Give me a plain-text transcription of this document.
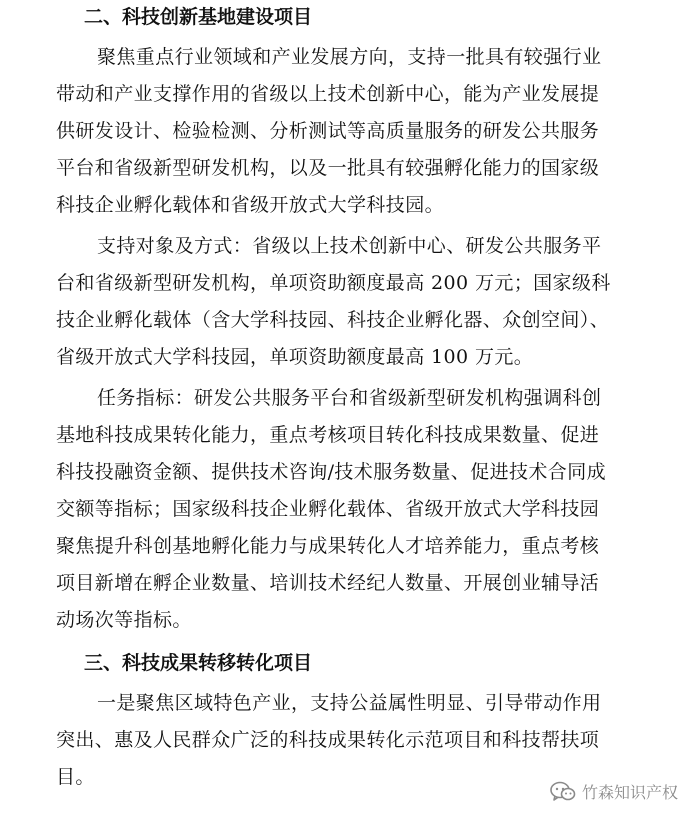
二、科技创新基地建设项目
聚焦重点行业领域和产业发展方向，支持一批具有较强行业
带动和产业支撑作用的省级以上技术创新中心，能为产业发展提
供研发设计、检验检测、分析测试等高质量服务的研发公共服务
平台和省级新型研发机构，以及一批具有较强孵化能力的国家级
科技企业孵化载体和省级开放式大学科技园。
支持对象及方式：省级以上技术创新中心、研发公共服务平
台和省级新型研发机构，单项资助额度最高 200 万元；国家级科
技企业孵化载体（含大学科技园、科技企业孵化器、众创空间）、
省级开放式大学科技园，单项资助额度最高 100 万元。
任务指标：研发公共服务平台和省级新型研发机构强调科创
基地科技成果转化能力，重点考核项目转化科技成果数量、促进
科技投融资金额、提供技术咨询/技术服务数量、促进技术合同成
交额等指标；国家级科技企业孵化载体、省级开放式大学科技园
聚焦提升科创基地孵化能力与成果转化人才培养能力，重点考核
项目新增在孵企业数量、培训技术经纪人数量、开展创业辅导活
动场次等指标。
三、科技成果转移转化项目
一是聚焦区域特色产业，支持公益属性明显、引导带动作用
突出、惠及人民群众广泛的科技成果转化示范项目和科技帮扶项
目。
竹森知识产权
